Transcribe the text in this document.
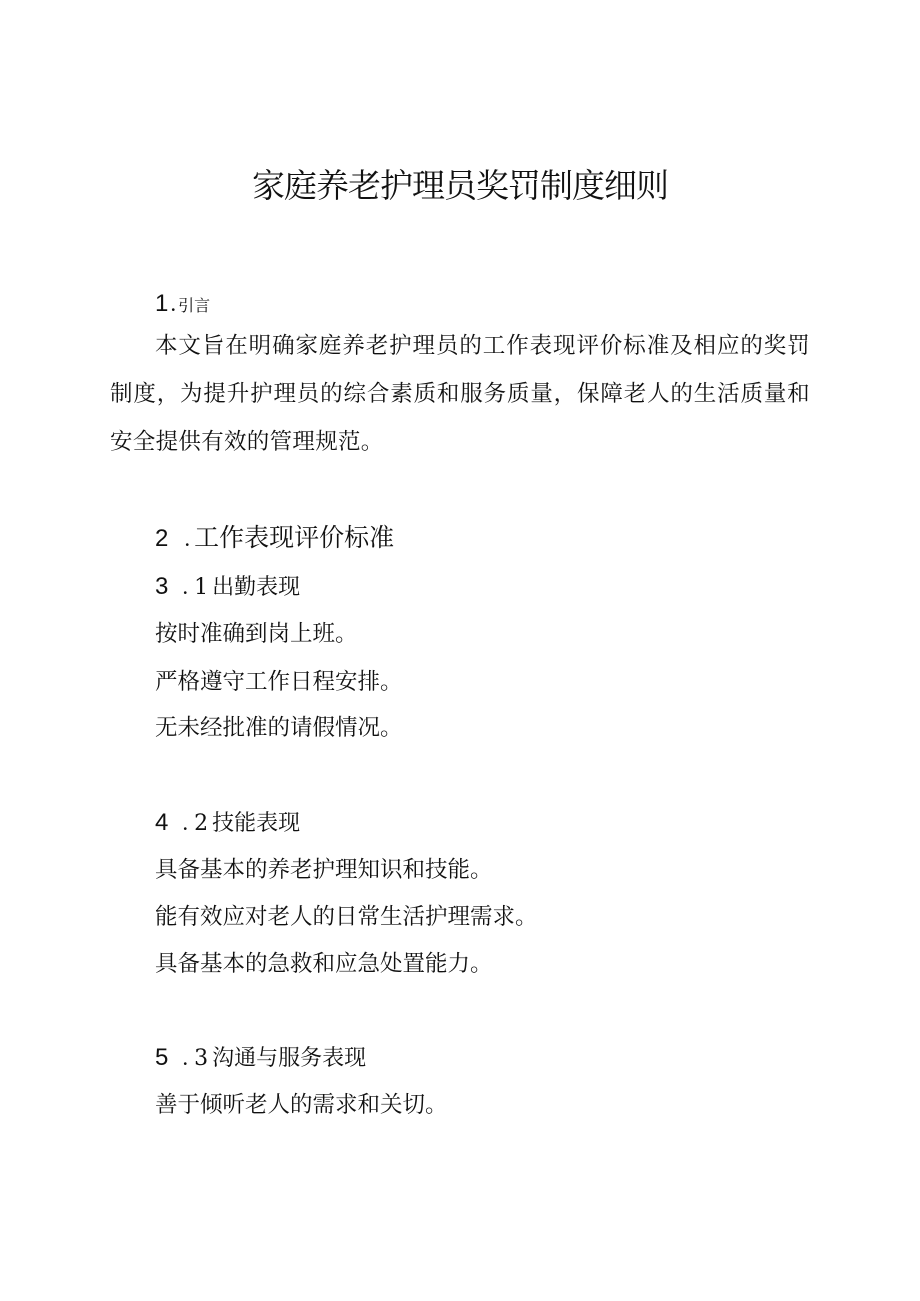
家庭养老护理员奖罚制度细则
1. 引言

本文旨在明确家庭养老护理员的工作表现评价标准及相应的奖罚制度，为提升护理员的综合素质和服务质量，保障老人的生活质量和安全提供有效的管理规范。

2 . 工作表现评价标准
3 . 1 出勤表现

按时准确到岗上班。

严格遵守工作日程安排。

无未经批准的请假情况。

4 . 2 技能表现

具备基本的养老护理知识和技能。

能有效应对老人的日常生活护理需求。

具备基本的急救和应急处置能力。

5 . 3 沟通与服务表现

善于倾听老人的需求和关切。
